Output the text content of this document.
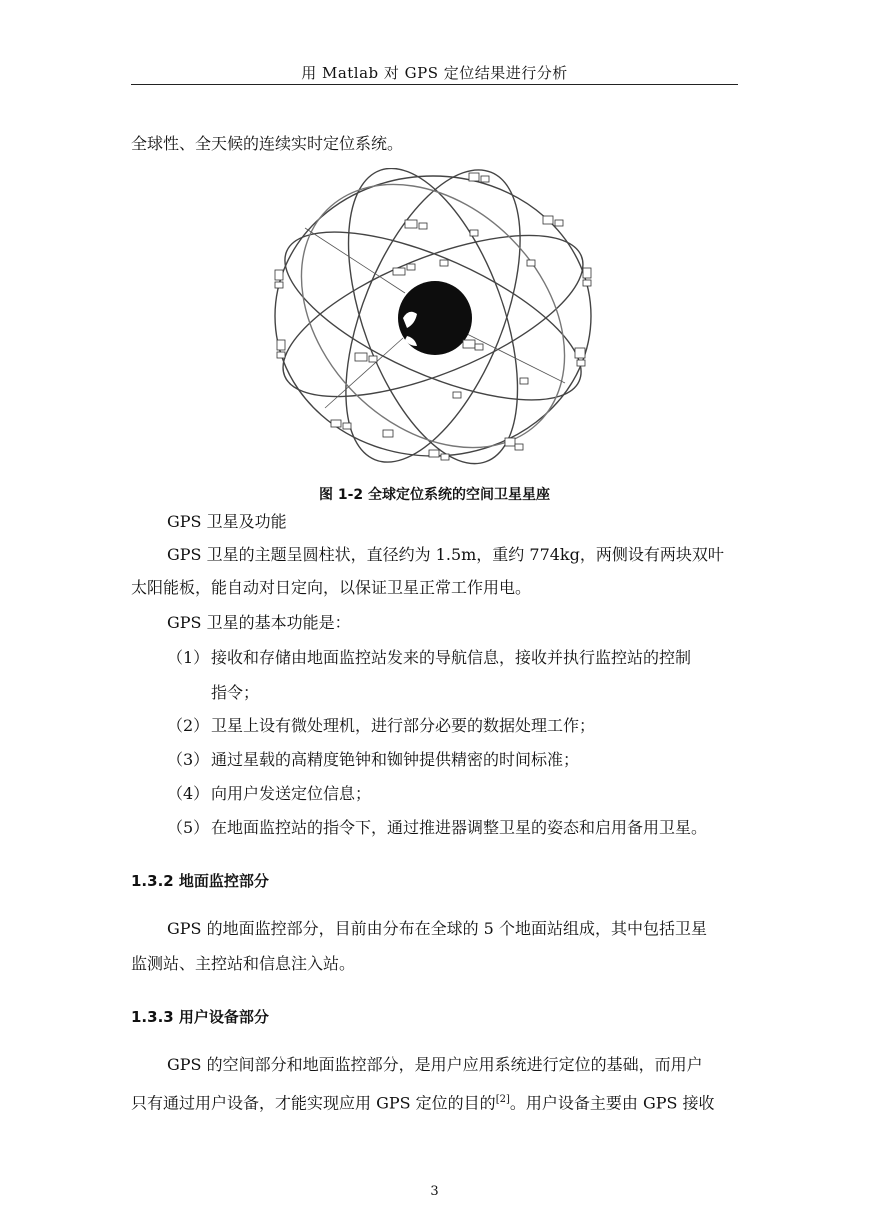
用 Matlab 对 GPS 定位结果进行分析
全球性、全天候的连续实时定位系统。
图 1-2 全球定位系统的空间卫星星座
GPS 卫星及功能
GPS 卫星的主题呈圆柱状，直径约为 1.5m，重约 774kg，两侧设有两块双叶
太阳能板，能自动对日定向，以保证卫星正常工作用电。
GPS 卫星的基本功能是：
（1） 接收和存储由地面监控站发来的导航信息，接收并执行监控站的控制
指令；
（2） 卫星上设有微处理机，进行部分必要的数据处理工作；
（3） 通过星载的高精度铯钟和铷钟提供精密的时间标准；
（4） 向用户发送定位信息；
（5） 在地面监控站的指令下，通过推进器调整卫星的姿态和启用备用卫星。
1.3.2 地面监控部分
GPS 的地面监控部分，目前由分布在全球的 5 个地面站组成，其中包括卫星
监测站、主控站和信息注入站。
1.3.3 用户设备部分
GPS 的空间部分和地面监控部分，是用户应用系统进行定位的基础，而用户
只有通过用户设备，才能实现应用 GPS 定位的目的[2]。用户设备主要由 GPS 接收
3
